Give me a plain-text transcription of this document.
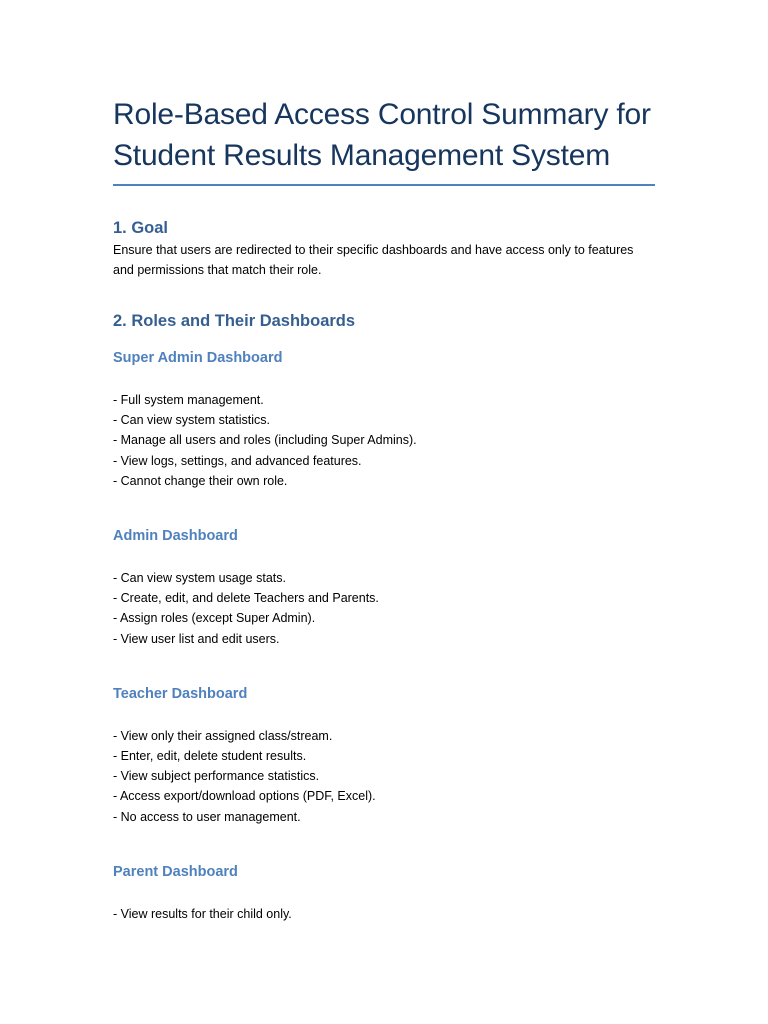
Role-Based Access Control Summary for
Student Results Management System
1. Goal

Ensure that users are redirected to their specific dashboards and have access only to features and permissions that match their role.

2. Roles and Their Dashboards
Super Admin Dashboard
- Full system management.
- Can view system statistics.
- Manage all users and roles (including Super Admins).
- View logs, settings, and advanced features.
- Cannot change their own role.
Admin Dashboard
- Can view system usage stats.
- Create, edit, and delete Teachers and Parents.
- Assign roles (except Super Admin).
- View user list and edit users.
Teacher Dashboard
- View only their assigned class/stream.
- Enter, edit, delete student results.
- View subject performance statistics.
- Access export/download options (PDF, Excel).
- No access to user management.
Parent Dashboard
- View results for their child only.
